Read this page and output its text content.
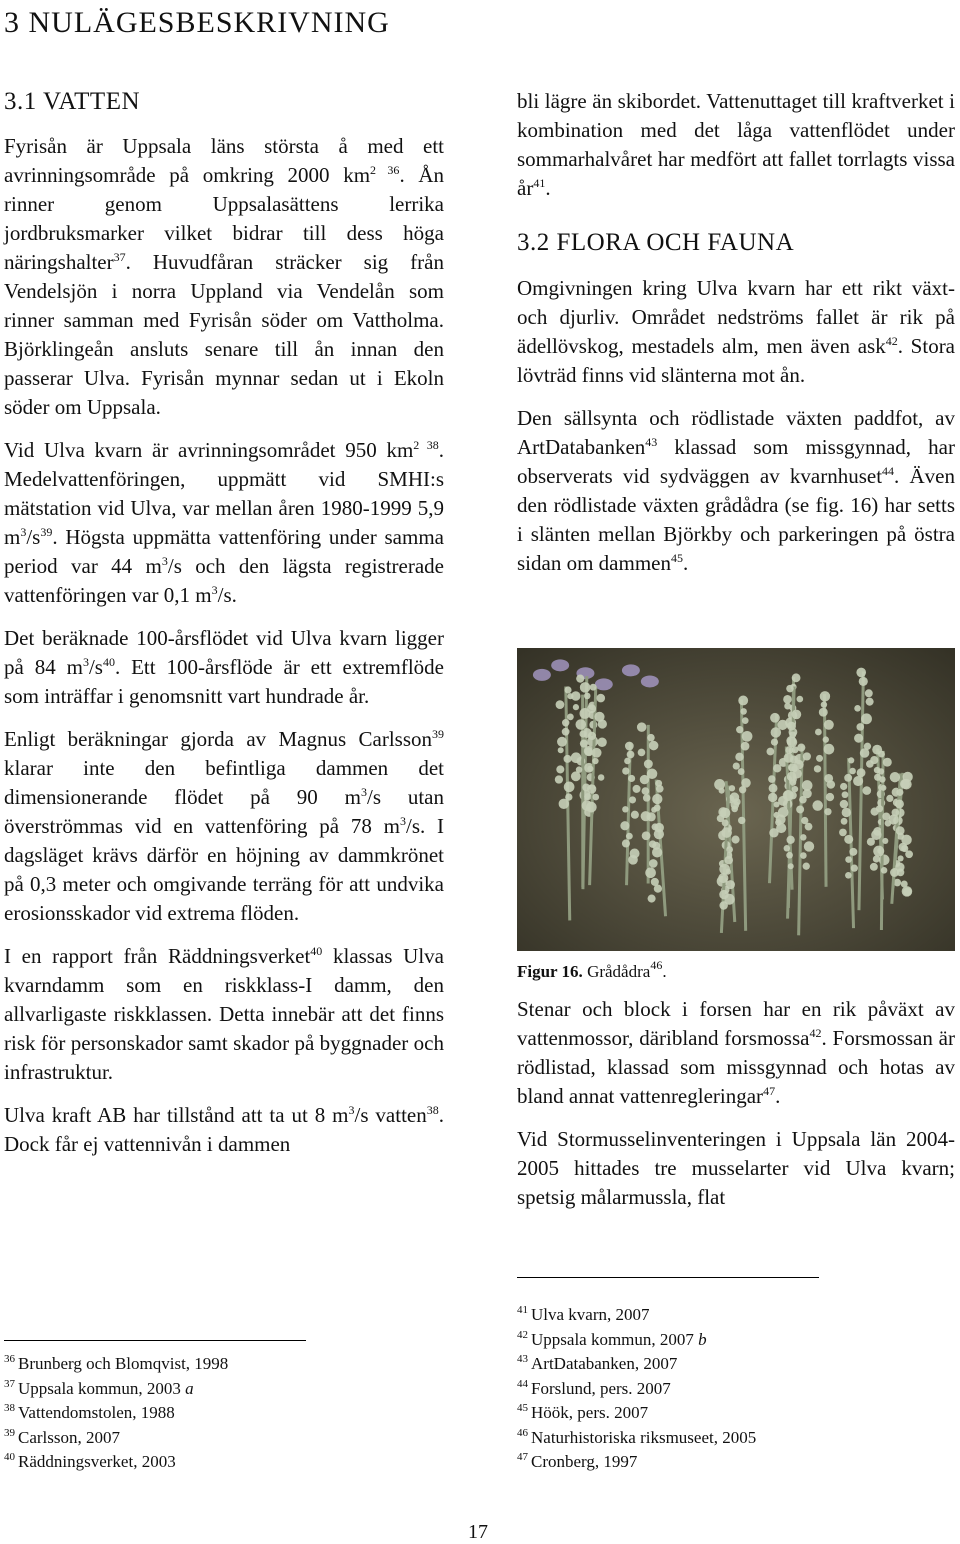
3 NULÄGESBESKRIVNING
3.1 VATTEN

Fyrisån är Uppsala läns största å med ett avrinningsområde på omkring 2000 $km^{2 36}$. Ån rinner genom Uppsalasättens lerrika jordbruksmarker vilket bidrar till dess höga näringshalter$^{37}$. Huvudfåran sträcker sig från Vendelsjön i norra Uppland via Vendelån som rinner samman med Fyrisån söder om Vattholma. Björklingeån ansluts senare till ån innan den passerar Ulva. Fyrisån mynnar sedan ut i Ekoln söder om Uppsala.

Vid Ulva kvarn är avrinningsområdet 950 $km^{2 38}$. Medelvattenföringen, uppmätt vid SMHI:s mätstation vid Ulva, var mellan åren 1980-1999 5,9 $m^3/s^{39}$. Högsta uppmätta vattenföring under samma period var 44 $m^3/s$ och den lägsta registrerade vattenföringen var 0,1 $m^3/s$.

Det beräknade 100-årsflödet vid Ulva kvarn ligger på 84 $m^3/s^{40}$. Ett 100-årsflöde är ett extremflöde som inträffar i genomsnitt vart hundrade år.

Enligt beräkningar gjorda av Magnus Carlsson$^{39}$ klarar inte den befintliga dammen det dimensionerande flödet på 90 $m^3/s$ utan överströmmas vid en vattenföring på 78 $m^3/s$. I dagsläget krävs därför en höjning av dammkrönet på 0,3 meter och omgivande terräng för att undvika erosionsskador vid extrema flöden.

I en rapport från Räddningsverket$^{40}$ klassas Ulva kvarndamm som en riskklass-I damm, den allvarligaste riskklassen. Detta innebär att det finns risk för personskador samt skador på byggnader och infrastruktur.

Ulva kraft AB har tillstånd att ta ut 8 $m^3/s$ vatten$^{38}$. Dock får ej vattennivån i dammen

$^{36}$ Brunberg och Blomqvist, 1998
$^{37}$ Uppsala kommun, 2003 a
$^{38}$ Vattendomstolen, 1988
$^{39}$ Carlsson, 2007
$^{40}$ Räddningsverket, 2003

bli lägre än skibordet. Vattenuttaget till kraftverket i kombination med det låga vattenflödet under sommarhalvåret har medfört att fallet torrlagts vissa $år^{41}$.

3.2 FLORA OCH FAUNA

Omgivningen kring Ulva kvarn har ett rikt växt- och djurliv. Området nedströms fallet är rik på ädellövskog, mestadels alm, men även ask$^{42}$. Stora lövträd finns vid slänterna mot ån.

Den sällsynta och rödlistade växten paddfot, av ArtDatabanken$^{43}$ klassad som missgynnad, har observerats vid sydväggen av kvarnhuset$^{44}$. Även den rödlistade växten grådådra (se fig. 16) har setts i slänten mellan Björkby och parkeringen på östra sidan om dammen$^{45}$.

Figur 16. Grådådra$^{46}$.

Stenar och block i forsen har en rik påväxt av vattenmossor, däribland forsmossa$^{42}$. Forsmossan är rödlistad, klassad som missgynnad och hotas av bland annat vattenregleringar$^{47}$.

Vid Stormusselinventeringen i Uppsala län 2004-2005 hittades tre musselarter vid Ulva kvarn; spetsig målarmussla, flat

$^{41}$ Ulva kvarn, 2007
$^{42}$ Uppsala kommun, 2007 b
$^{43}$ ArtDatabanken, 2007
$^{44}$ Forslund, pers. 2007
$^{45}$ Höök, pers. 2007
$^{46}$ Naturhistoriska riksmuseet, 2005
$^{47}$ Cronberg, 1997
17
